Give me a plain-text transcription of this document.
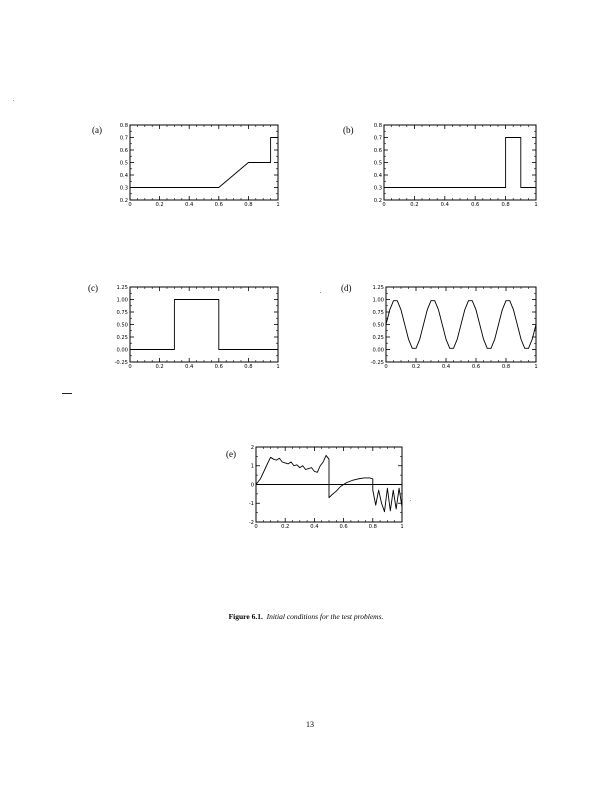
(a)
0	0.2	0.4	0.6	0.8	1
0.2
0.3
0.4
0.5
0.6
0.7
0.8	(b)
0	0.2	0.4	0.6	0.8	1
0.2
0.3
0.4
0.5
0.6
0.7
0.8
(c)
0	0.2	0.4	0.6	0.8	1
-0.25
0.00
0.25
0.50
0.75
1.00
1.25	(d)
0	0.2	0.4	0.6	0.8	1
-0.25
0.00
0.25
0.50
0.75
1.00
1.25
(e)
0	0.2	0.4	0.6	0.8	1
-2
-1
0
1
2
Figure 6.1. Initial conditions for the test problems.
13
